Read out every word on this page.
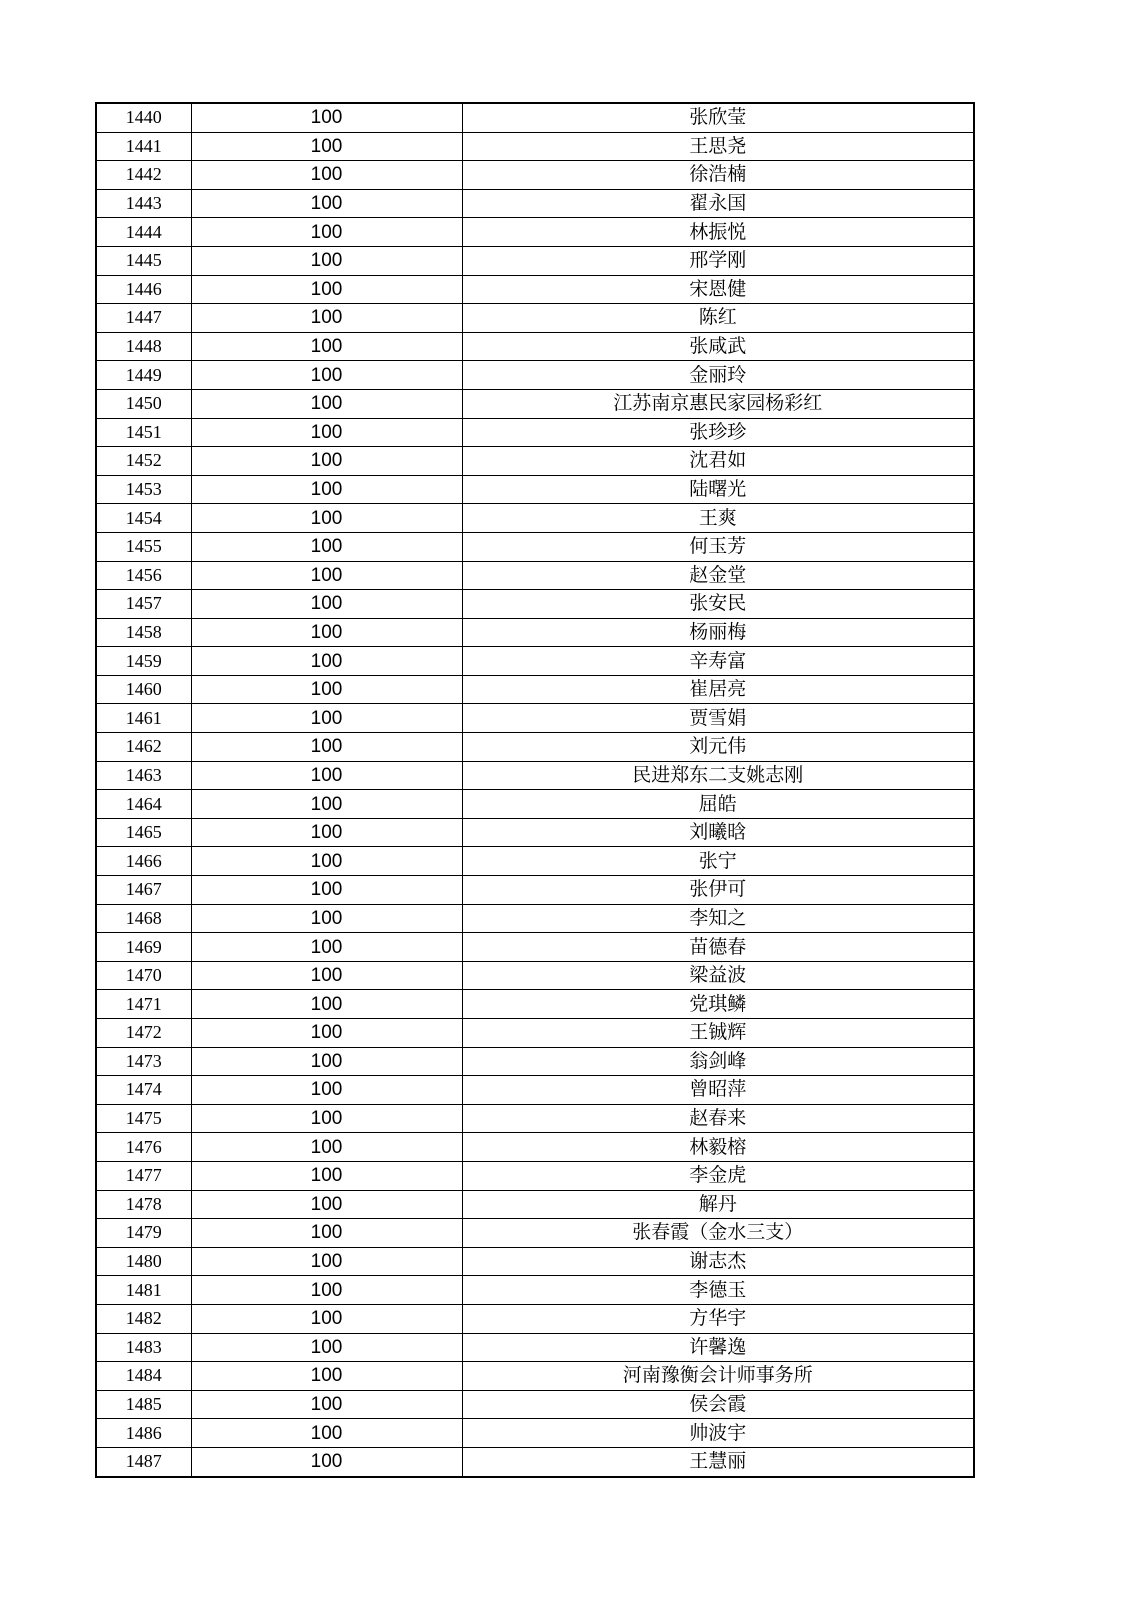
1440	100	张欣莹
1441	100	王思尧
1442	100	徐浩楠
1443	100	翟永国
1444	100	林振悦
1445	100	邢学刚
1446	100	宋恩健
1447	100	陈红
1448	100	张咸武
1449	100	金丽玲
1450	100	江苏南京惠民家园杨彩红
1451	100	张珍珍
1452	100	沈君如
1453	100	陆曙光
1454	100	王爽
1455	100	何玉芳
1456	100	赵金堂
1457	100	张安民
1458	100	杨丽梅
1459	100	辛寿富
1460	100	崔居亮
1461	100	贾雪娟
1462	100	刘元伟
1463	100	民进郑东二支姚志刚
1464	100	屈皓
1465	100	刘曦晗
1466	100	张宁
1467	100	张伊可
1468	100	李知之
1469	100	苗德春
1470	100	梁益波
1471	100	党琪鳞
1472	100	王铖辉
1473	100	翁剑峰
1474	100	曾昭萍
1475	100	赵春来
1476	100	林毅榕
1477	100	李金虎
1478	100	解丹
1479	100	张春霞（金水三支）
1480	100	谢志杰
1481	100	李德玉
1482	100	方华宇
1483	100	许馨逸
1484	100	河南豫衡会计师事务所
1485	100	侯会霞
1486	100	帅波宇
1487	100	王慧丽
